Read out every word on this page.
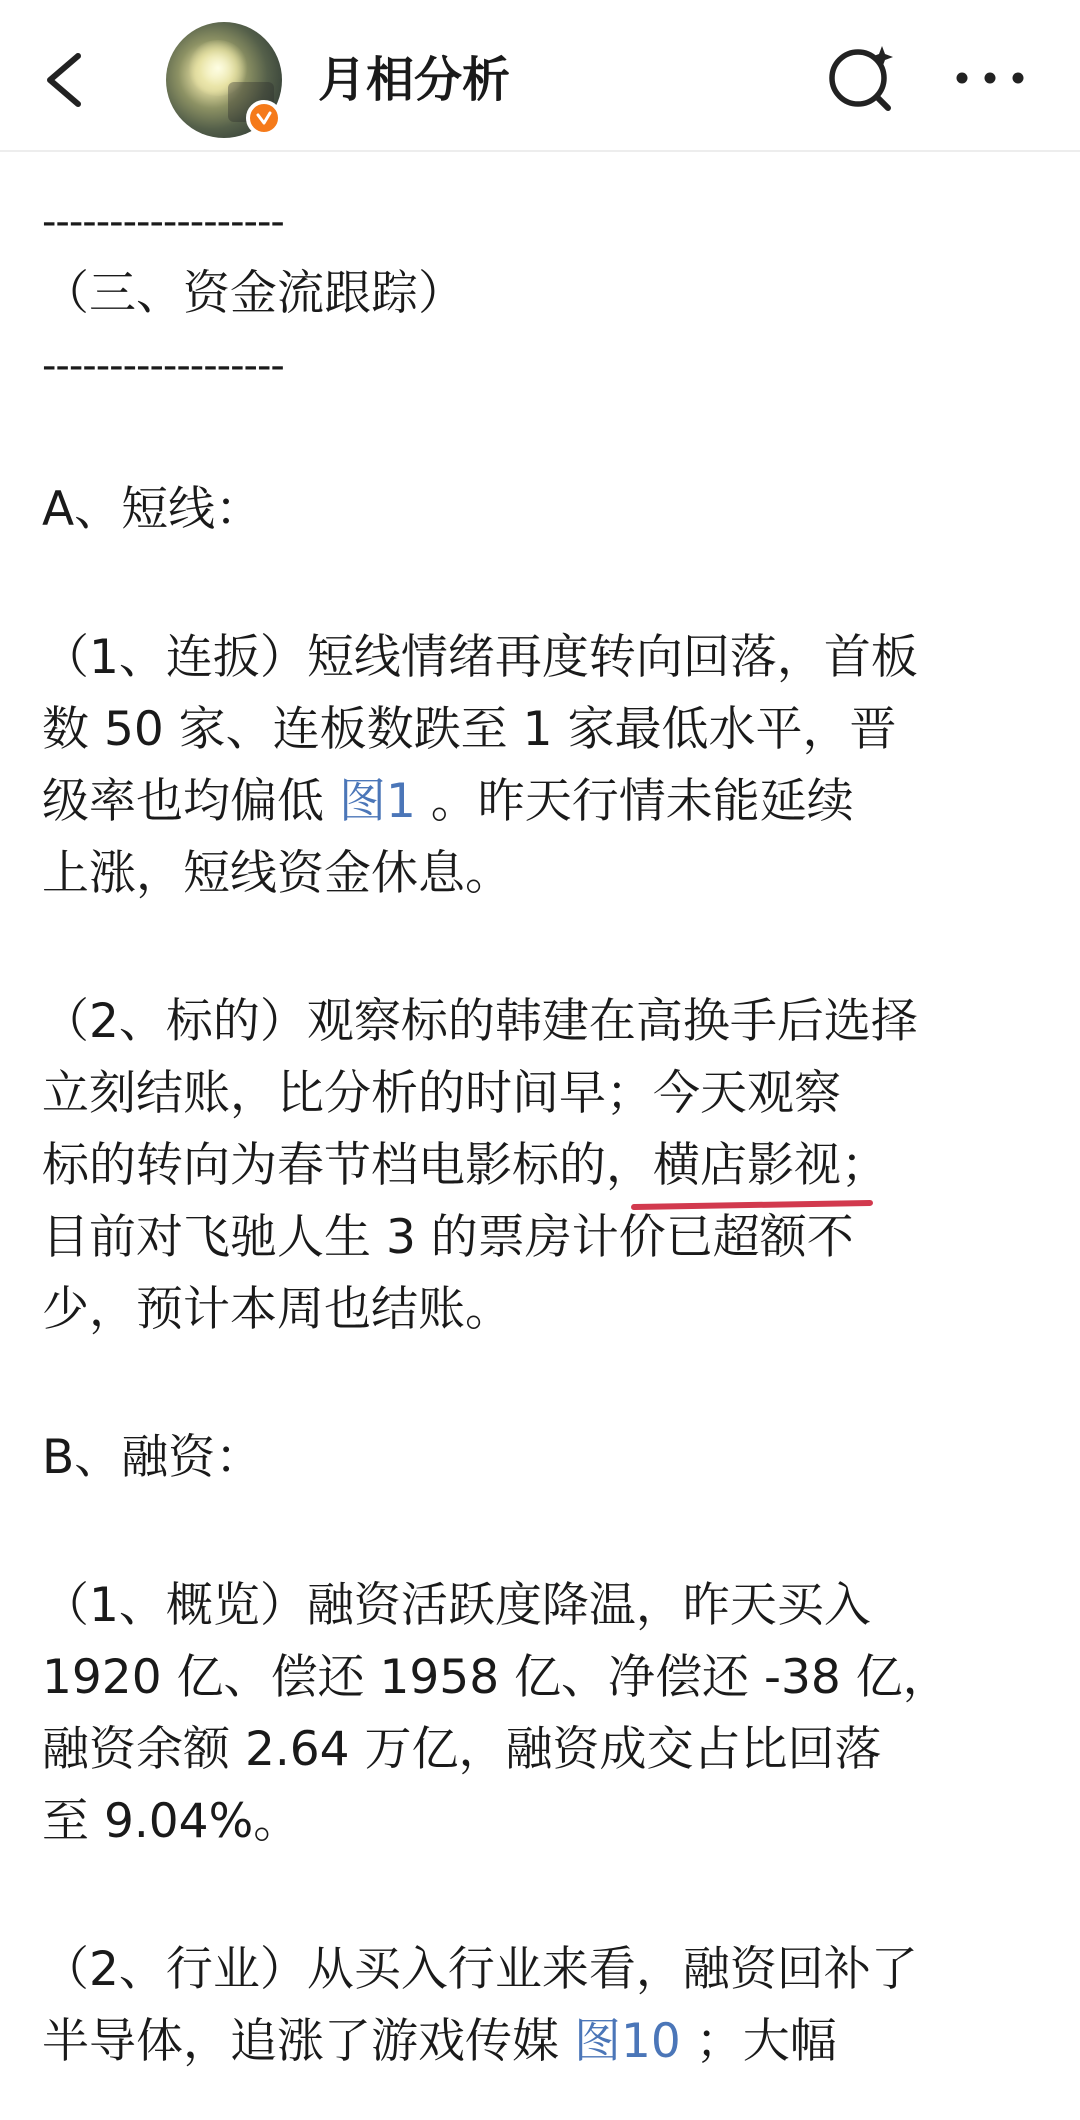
月相分析
------------------
（三、资金流跟踪）
------------------
A、短线：
（1、连扳）短线情绪再度转向回落，首板
数 50 家、连板数跌至 1 家最低水平，晋
级率也均偏低 图1 。昨天行情未能延续
上涨，短线资金休息。
（2、标的）观察标的韩建在高换手后选择
立刻结账，比分析的时间早；今天观察
标的转向为春节档电影标的，横店影视；
目前对飞驰人生 3 的票房计价已超额不
少，预计本周也结账。
B、融资：
（1、概览）融资活跃度降温，昨天买入
1920 亿、偿还 1958 亿、净偿还 -38 亿，
融资余额 2.64 万亿，融资成交占比回落
至 9.04%。
（2、行业）从买入行业来看，融资回补了
半导体，追涨了游戏传媒 图10 ；大幅
